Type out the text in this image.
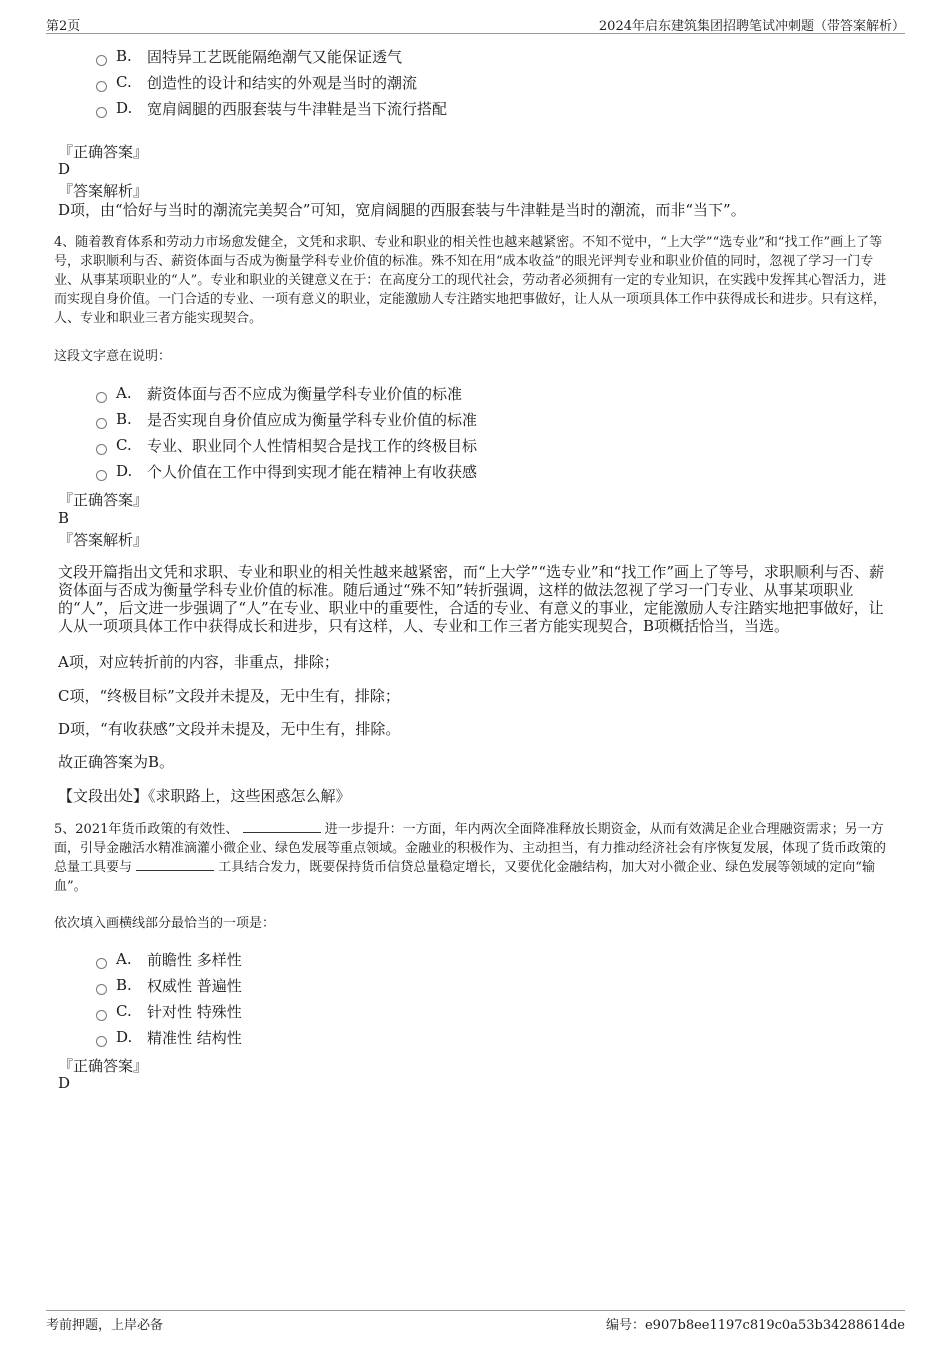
第2页	2024年启东建筑集团招聘笔试冲刺题（带答案解析）
B.	固特异工艺既能隔绝潮气又能保证透气
C.	创造性的设计和结实的外观是当时的潮流
D. 宽肩阔腿的西服套装与牛津鞋是当下流行搭配
『正确答案』
D
『答案解析』
D项，由“恰好与当时的潮流完美契合”可知，宽肩阔腿的西服套装与牛津鞋是当时的潮流，而非“当下”。
4、随着教育体系和劳动力市场愈发健全，文凭和求职、专业和职业的相关性也越来越紧密。不知不觉中，“上大学”“选专业”和“找工作”画上了等号，求职顺利与否、薪资体面与否成为衡量学科专业价值的标准。殊不知在用“成本收益”的眼光评判专业和职业价值的同时，忽视了学习一门专业、从事某项职业的“人”。专业和职业的关键意义在于：在高度分工的现代社会，劳动者必须拥有一定的专业知识，在实践中发挥其心智活力，进而实现自身价值。一门合适的专业、一项有意义的职业，定能激励人专注踏实地把事做好，让人从一项项具体工作中获得成长和进步。只有这样，人、专业和职业三者方能实现契合。
这段文字意在说明：
A.	薪资体面与否不应成为衡量学科专业价值的标准
B.	是否实现自身价值应成为衡量学科专业价值的标准
C.	专业、职业同个人性情相契合是找工作的终极目标
D. 个人价值在工作中得到实现才能在精神上有收获感
『正确答案』
B
『答案解析』
文段开篇指出文凭和求职、专业和职业的相关性越来越紧密，而“上大学”“选专业”和“找工作”画上了等号，求职顺利与否、薪资体面与否成为衡量学科专业价值的标准。随后通过“殊不知”转折强调，这样的做法忽视了学习一门专业、从事某项职业的“人”，后文进一步强调了“人”在专业、职业中的重要性，合适的专业、有意义的事业，定能激励人专注踏实地把事做好，让人从一项项具体工作中获得成长和进步，只有这样，人、专业和工作三者方能实现契合，B项概括恰当，当选。
A项，对应转折前的内容，非重点，排除；
C项，“终极目标”文段并未提及，无中生有，排除；
D项，“有收获感”文段并未提及，无中生有，排除。
故正确答案为B。
【文段出处】《求职路上，这些困惑怎么解》
5、2021年货币政策的有效性、	进一步提升：一方面，年内两次全面降准释放长期资金，从而有效满足企业合理融资需求；另一方面，引导金融活水精准滴灌小微企业、绿色发展等重点领域。金融业的积极作为、主动担当，有力推动经济社会有序恢复发展，体现了货币政策的总量工具要与	工具结合发力，既要保持货币信贷总量稳定增长，又要优化金融结构，加大对小微企业、绿色发展等领域的定向“输血”。
依次填入画横线部分最恰当的一项是：
A.	前瞻性 多样性
B.	权威性 普遍性
C.	针对性 特殊性
D. 精准性 结构性
『正确答案』
D
考前押题，上岸必备	编号：e907b8ee1197c819c0a53b34288614de
